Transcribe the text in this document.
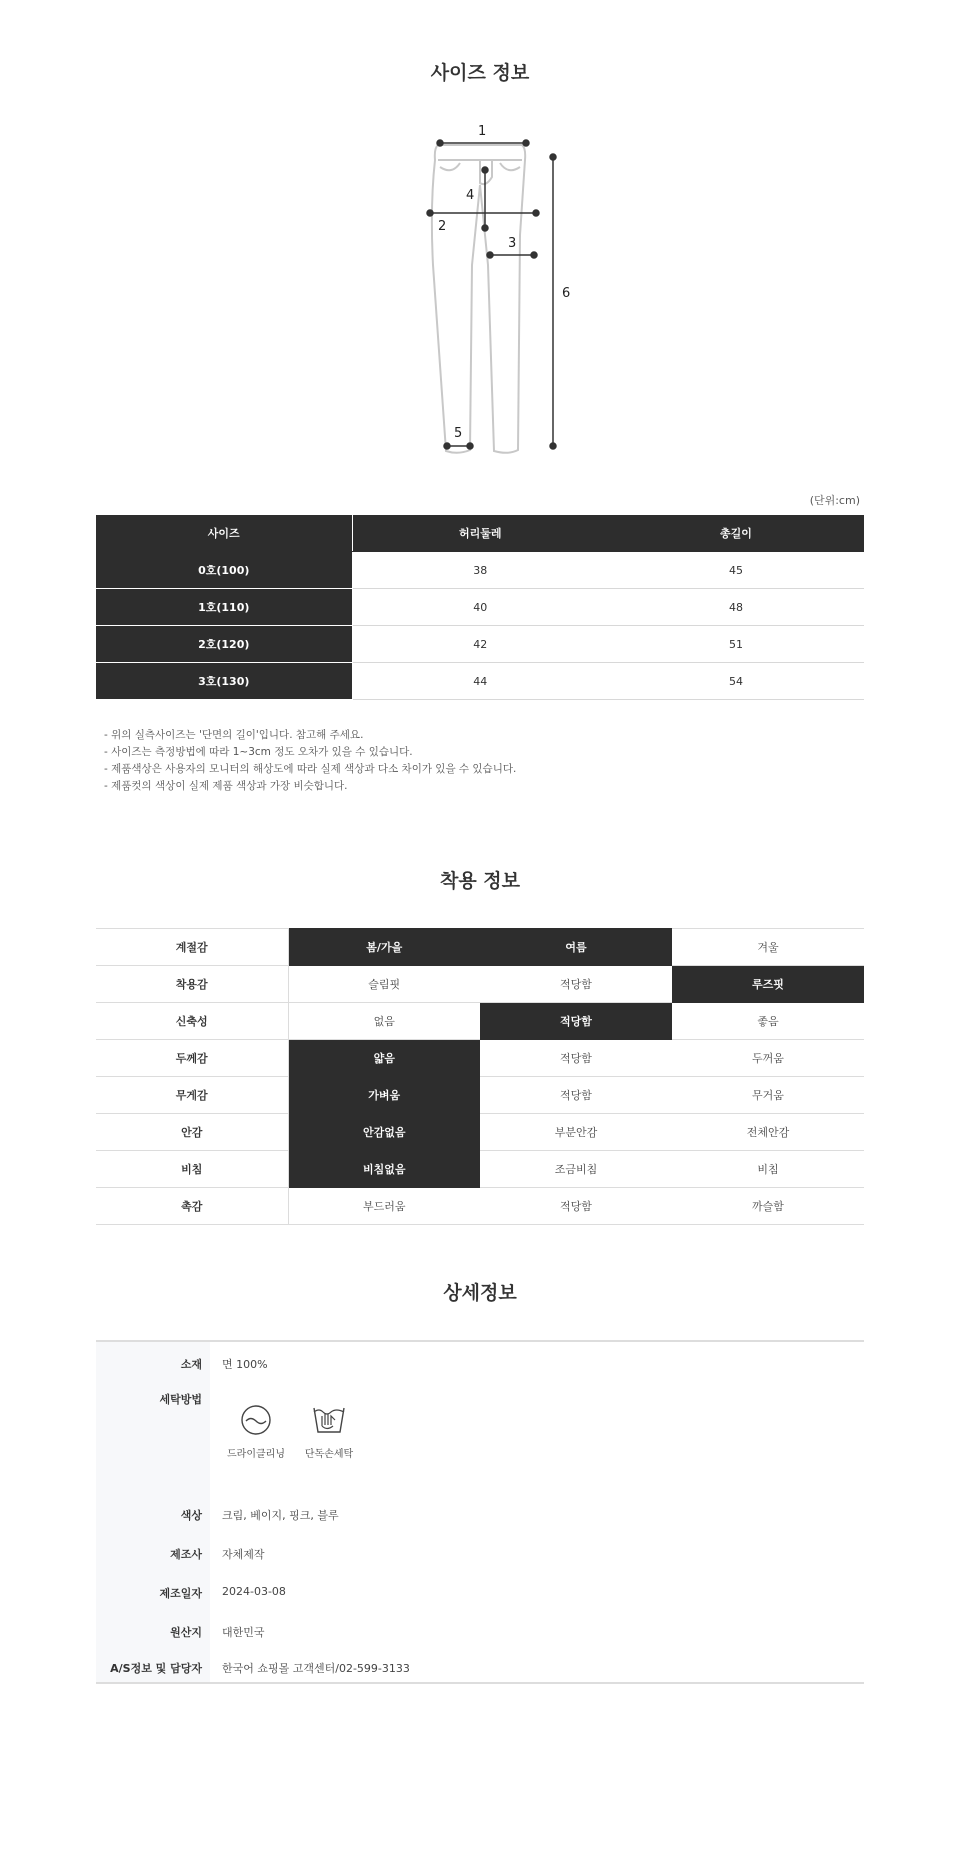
사이즈 정보
1
2
3
4
5
6
(단위:cm)
사이즈	허리둘레	총길이
0호(100)	38	45
1호(110)	40	48
2호(120)	42	51
3호(130)	44	54
- 위의 실측사이즈는 '단면의 길이'입니다. 참고해 주세요.
- 사이즈는 측정방법에 따라 1~3cm 정도 오차가 있을 수 있습니다.
- 제품색상은 사용자의 모니터의 해상도에 따라 실제 색상과 다소 차이가 있을 수 있습니다.
- 제품컷의 색상이 실제 제품 색상과 가장 비슷합니다.
착용 정보
계절감	봄/가을	여름	겨울
착용감	슬림핏	적당함	루즈핏
신축성	없음	적당함	좋음
두께감	얇음	적당함	두꺼움
무게감	가벼움	적당함	무거움
안감	안감없음	부분안감	전체안감
비침	비침없음	조금비침	비침
촉감	부드러움	적당함	까슬함
상세정보
소재 면 100%
세탁방법
드라이클리닝	단독손세탁
색상 크림, 베이지, 핑크, 블루
제조사 자체제작
제조일자 2024-03-08
원산지 대한민국
A/S정보 및 담당자 한국어 쇼핑몰 고객센터/02-599-3133
